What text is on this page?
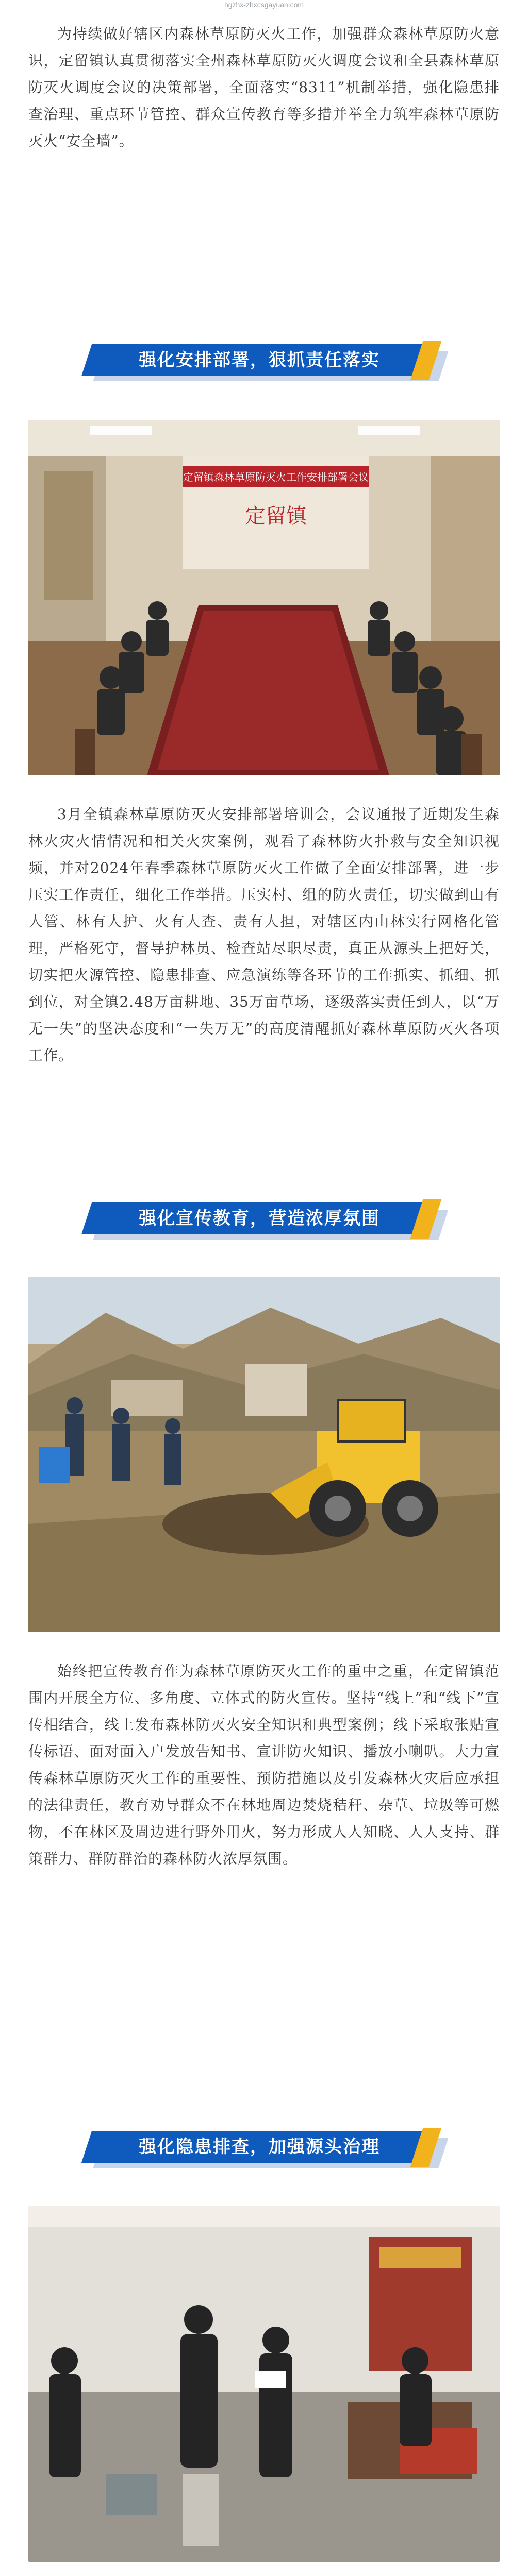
hgzhx-zhxcsgayuan.com

为持续做好辖区内森林草原防灭火工作，加强群众森林草原防火意识，定留镇认真贯彻落实全州森林草原防灭火调度会议和全县森林草原防灭火调度会议的决策部署，全面落实“8311”机制举措，强化隐患排查治理、重点环节管控、群众宣传教育等多措并举全力筑牢森林草原防灭火“安全墙”。

强化安排部署，狠抓责任落实
定留镇森林草原防灭火工作安排部署会议
定留镇

3月全镇森林草原防灭火安排部署培训会，会议通报了近期发生森林火灾火情情况和相关火灾案例，观看了森林防火扑救与安全知识视频，并对2024年春季森林草原防灭火工作做了全面安排部署，进一步压实工作责任，细化工作举措。压实村、组的防火责任，切实做到山有人管、林有人护、火有人查、责有人担，对辖区内山林实行网格化管理，严格死守，督导护林员、检查站尽职尽责，真正从源头上把好关，切实把火源管控、隐患排查、应急演练等各环节的工作抓实、抓细、抓到位，对全镇2.48万亩耕地、35万亩草场，逐级落实责任到人，以“万无一失”的坚决态度和“一失万无”的高度清醒抓好森林草原防灭火各项工作。

强化宣传教育，营造浓厚氛围

始终把宣传教育作为森林草原防灭火工作的重中之重，在定留镇范围内开展全方位、多角度、立体式的防火宣传。坚持“线上”和“线下”宣传相结合，线上发布森林防灭火安全知识和典型案例；线下采取张贴宣传标语、面对面入户发放告知书、宣讲防火知识、播放小喇叭。大力宣传森林草原防灭火工作的重要性、预防措施以及引发森林火灾后应承担的法律责任，教育劝导群众不在林地周边焚烧秸秆、杂草、垃圾等可燃物，不在林区及周边进行野外用火，努力形成人人知晓、人人支持、群策群力、群防群治的森林防火浓厚氛围。

强化隐患排查，加强源头治理
